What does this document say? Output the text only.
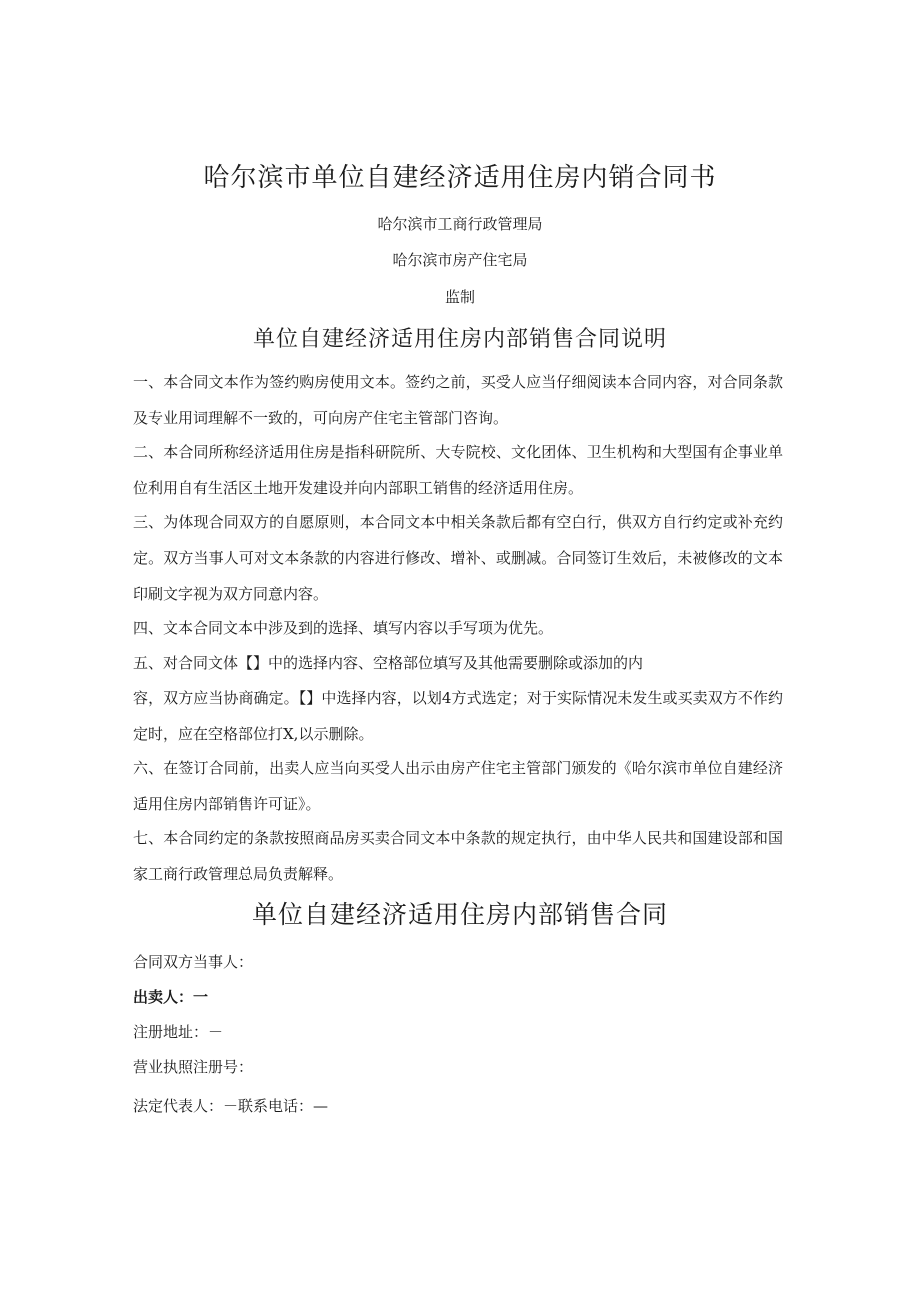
哈尔滨市单位自建经济适用住房内销合同书
哈尔滨市工商行政管理局
哈尔滨市房产住宅局
监制
单位自建经济适用住房内部销售合同说明
一、本合同文本作为签约购房使用文本。签约之前，买受人应当仔细阅读本合同内容，对合同条款及专业用词理解不一致的，可向房产住宅主管部门咨询。
二、本合同所称经济适用住房是指科研院所、大专院校、文化团体、卫生机构和大型国有企事业单位利用自有生活区土地开发建设并向内部职工销售的经济适用住房。
三、为体现合同双方的自愿原则，本合同文本中相关条款后都有空白行，供双方自行约定或补充约定。双方当事人可对文本条款的内容进行修改、增补、或删减。合同签订生效后，未被修改的文本印刷文字视为双方同意内容。
四、文本合同文本中涉及到的选择、填写内容以手写项为优先。
五、对合同文体【】中的选择内容、空格部位填写及其他需要删除或添加的内
容，双方应当协商确定。【】中选择内容，以划4方式选定；对于实际情况未发生或买卖双方不作约定时，应在空格部位打X,以示删除。
六、在签订合同前，出卖人应当向买受人出示由房产住宅主管部门颁发的《哈尔滨市单位自建经济适用住房内部销售许可证》。
七、本合同约定的条款按照商品房买卖合同文本中条款的规定执行，由中华人民共和国建设部和国家工商行政管理总局负责解释。
单位自建经济适用住房内部销售合同
合同双方当事人：
出卖人：一
注册地址：－
营业执照注册号：
法定代表人：－联系电话：—
